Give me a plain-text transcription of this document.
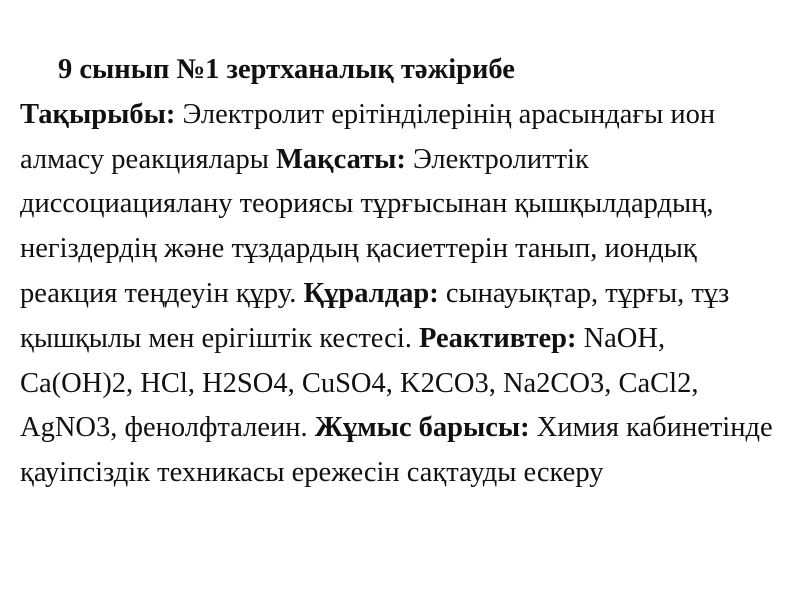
9 сынып №1 зертханалық тәжірибе
Тақырыбы: Электролит ерітінділерінің арасындағы ион алмасу реакциялары Мақсаты: Электролиттік диссоциациялану теориясы тұрғысынан қышқылдардың, негіздердің және тұздардың қасиеттерін танып, иондық реакция теңдеуін құру. Құралдар: сынауықтар, тұрғы, тұз қышқылы мен ерігіштік кестесі. Реактивтер: NaOH, Ca(OH)2, HCl, H2SO4, CuSO4, K2CO3, Na2CO3, CaCl2, AgNO3, фенолфталеин. Жұмыс барысы: Химия кабинетінде қауіпсіздік техникасы ережесін сақтауды ескеру
